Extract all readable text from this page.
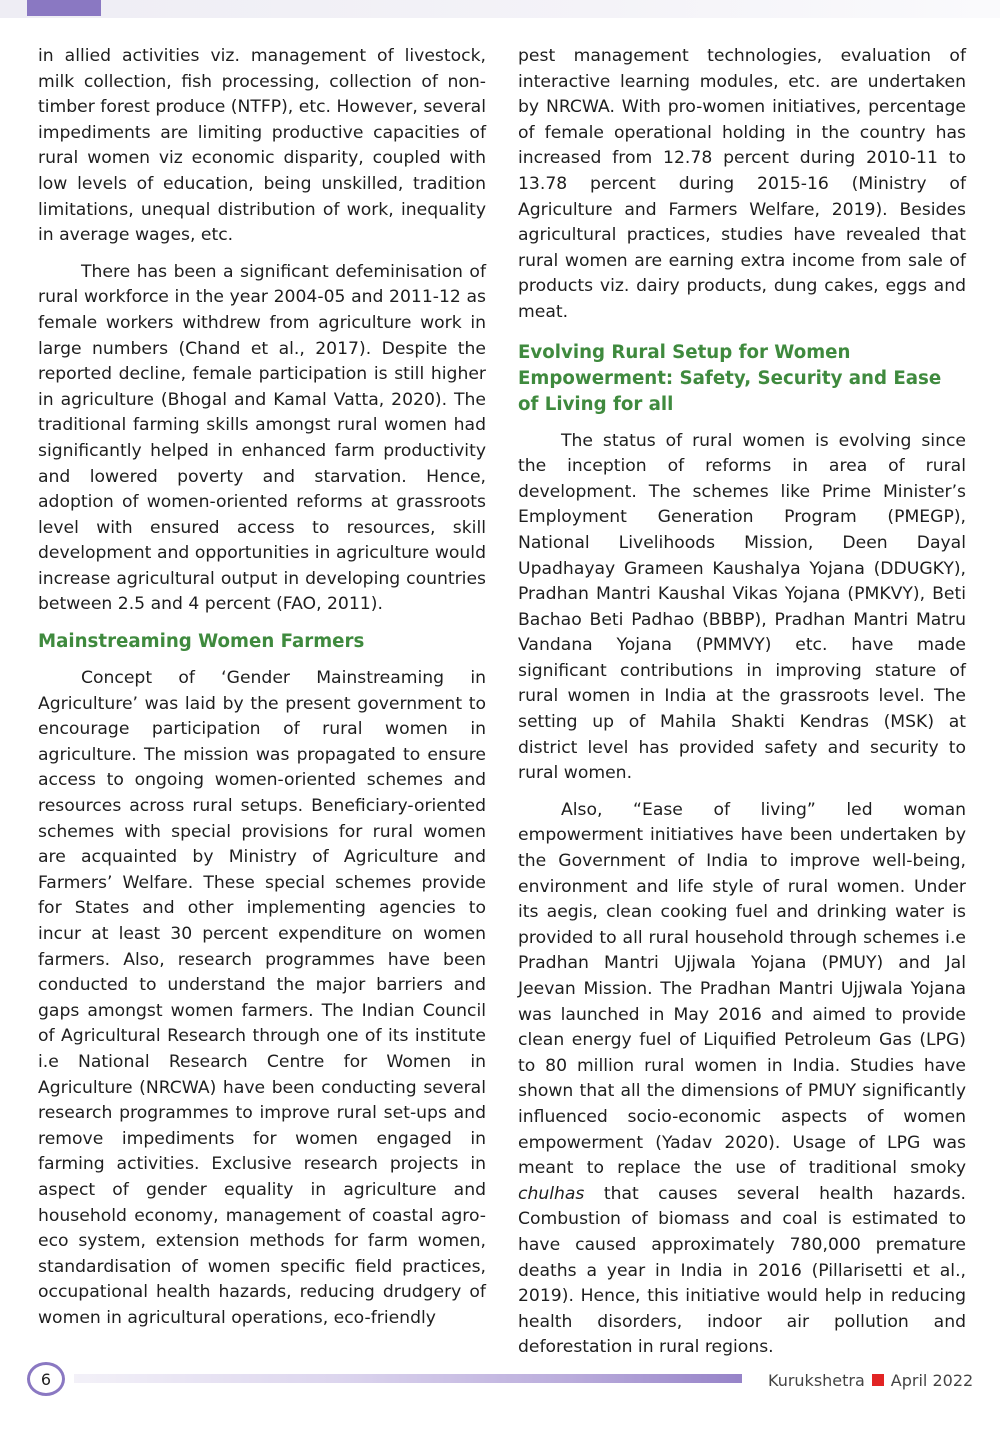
in allied activities viz. management of livestock, milk collection, fish processing, collection of non-timber forest produce (NTFP), etc. However, several impediments are limiting productive capacities of rural women viz economic disparity, coupled with low levels of education, being unskilled, tradition limitations, unequal distribution of work, inequality in average wages, etc.

There has been a significant defeminisation of rural workforce in the year 2004-05 and 2011-12 as female workers withdrew from agriculture work in large numbers (Chand et al., 2017). Despite the reported decline, female participation is still higher in agriculture (Bhogal and Kamal Vatta, 2020). The traditional farming skills amongst rural women had significantly helped in enhanced farm productivity and lowered poverty and starvation. Hence, adoption of women-oriented reforms at grassroots level with ensured access to resources, skill development and opportunities in agriculture would increase agricultural output in developing countries between 2.5 and 4 percent (FAO, 2011).

Mainstreaming Women Farmers

Concept of ‘Gender Mainstreaming in Agriculture’ was laid by the present government to encourage participation of rural women in agriculture. The mission was propagated to ensure access to ongoing women-oriented schemes and resources across rural setups. Beneficiary-oriented schemes with special provisions for rural women are acquainted by Ministry of Agriculture and Farmers’ Welfare. These special schemes provide for States and other implementing agencies to incur at least 30 percent expenditure on women farmers. Also, research programmes have been conducted to understand the major barriers and gaps amongst women farmers. The Indian Council of Agricultural Research through one of its institute i.e National Research Centre for Women in Agriculture (NRCWA) have been conducting several research programmes to improve rural set-ups and remove impediments for women engaged in farming activities. Exclusive research projects in aspect of gender equality in agriculture and household economy, management of coastal agro-eco system, extension methods for farm women, standardisation of women specific field practices, occupational health hazards, reducing drudgery of women in agricultural operations, eco-friendly

pest management technologies, evaluation of interactive learning modules, etc. are undertaken by NRCWA. With pro-women initiatives, percentage of female operational holding in the country has increased from 12.78 percent during 2010-11 to 13.78 percent during 2015-16 (Ministry of Agriculture and Farmers Welfare, 2019). Besides agricultural practices, studies have revealed that rural women are earning extra income from sale of products viz. dairy products, dung cakes, eggs and meat.

Evolving Rural Setup for Women Empowerment: Safety, Security and Ease of Living for all

The status of rural women is evolving since the inception of reforms in area of rural development. The schemes like Prime Minister’s Employment Generation Program (PMEGP), National Livelihoods Mission, Deen Dayal Upadhayay Grameen Kaushalya Yojana (DDUGKY), Pradhan Mantri Kaushal Vikas Yojana (PMKVY), Beti Bachao Beti Padhao (BBBP), Pradhan Mantri Matru Vandana Yojana (PMMVY) etc. have made significant contributions in improving stature of rural women in India at the grassroots level. The setting up of Mahila Shakti Kendras (MSK) at district level has provided safety and security to rural women.

Also, “Ease of living” led woman empowerment initiatives have been undertaken by the Government of India to improve well-being, environment and life style of rural women. Under its aegis, clean cooking fuel and drinking water is provided to all rural household through schemes i.e Pradhan Mantri Ujjwala Yojana (PMUY) and Jal Jeevan Mission. The Pradhan Mantri Ujjwala Yojana was launched in May 2016 and aimed to provide clean energy fuel of Liquified Petroleum Gas (LPG) to 80 million rural women in India. Studies have shown that all the dimensions of PMUY significantly influenced socio-economic aspects of women empowerment (Yadav 2020). Usage of LPG was meant to replace the use of traditional smoky chulhas that causes several health hazards. Combustion of biomass and coal is estimated to have caused approximately 780,000 premature deaths a year in India in 2016 (Pillarisetti et al., 2019). Hence, this initiative would help in reducing health disorders, indoor air pollution and deforestation in rural regions.

6	Kurukshetra April 2022
